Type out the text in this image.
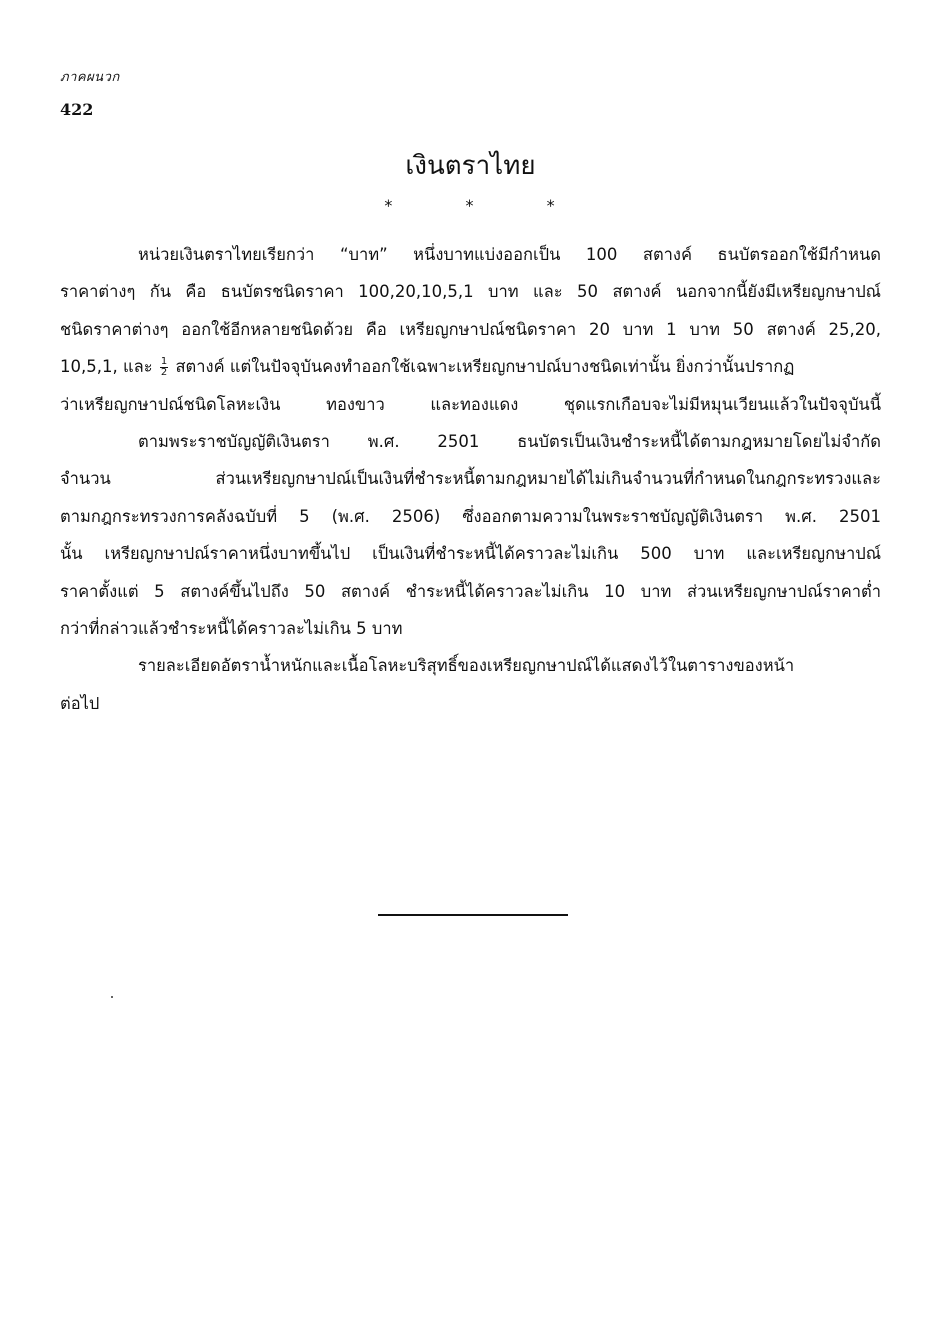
ภาคผนวก
422
เงินตราไทย
*	*	*
หน่วยเงินตราไทยเรียกว่า “บาท” หนึ่งบาทแบ่งออกเป็น 100 สตางค์ ธนบัตรออกใช้มีกำหนด
ราคาต่างๆ กัน คือ ธนบัตรชนิดราคา 100,20,10,5,1 บาท และ 50 สตางค์ นอกจากนี้ยังมีเหรียญกษาปณ์
ชนิดราคาต่างๆ ออกใช้อีกหลายชนิดด้วย คือ เหรียญกษาปณ์ชนิดราคา 20 บาท 1 บาท 50 สตางค์ 25,20,
10,5,1, และ $\frac{1}{2}$ สตางค์ แต่ในปัจจุบันคงทำออกใช้เฉพาะเหรียญกษาปณ์บางชนิดเท่านั้น ยิ่งกว่านั้นปรากฏ
ว่าเหรียญกษาปณ์ชนิดโลหะเงิน ทองขาว และทองแดง ชุดแรกเกือบจะไม่มีหมุนเวียนแล้วในปัจจุบันนี้
ตามพระราชบัญญัติเงินตรา พ.ศ. 2501 ธนบัตรเป็นเงินชำระหนี้ได้ตามกฎหมายโดยไม่จำกัด
จำนวน ส่วนเหรียญกษาปณ์เป็นเงินที่ชำระหนี้ตามกฎหมายได้ไม่เกินจำนวนที่กำหนดในกฎกระทรวงและ
ตามกฎกระทรวงการคลังฉบับที่ 5 (พ.ศ. 2506) ซึ่งออกตามความในพระราชบัญญัติเงินตรา พ.ศ. 2501
นั้น เหรียญกษาปณ์ราคาหนึ่งบาทขึ้นไป เป็นเงินที่ชำระหนี้ได้คราวละไม่เกิน 500 บาท และเหรียญกษาปณ์
ราคาตั้งแต่ 5 สตางค์ขึ้นไปถึง 50 สตางค์ ชำระหนี้ได้คราวละไม่เกิน 10 บาท ส่วนเหรียญกษาปณ์ราคาต่ำ
กว่าที่กล่าวแล้วชำระหนี้ได้คราวละไม่เกิน 5 บาท
รายละเอียดอัตราน้ำหนักและเนื้อโลหะบริสุทธิ์ของเหรียญกษาปณ์ได้แสดงไว้ในตารางของหน้า
ต่อไป
